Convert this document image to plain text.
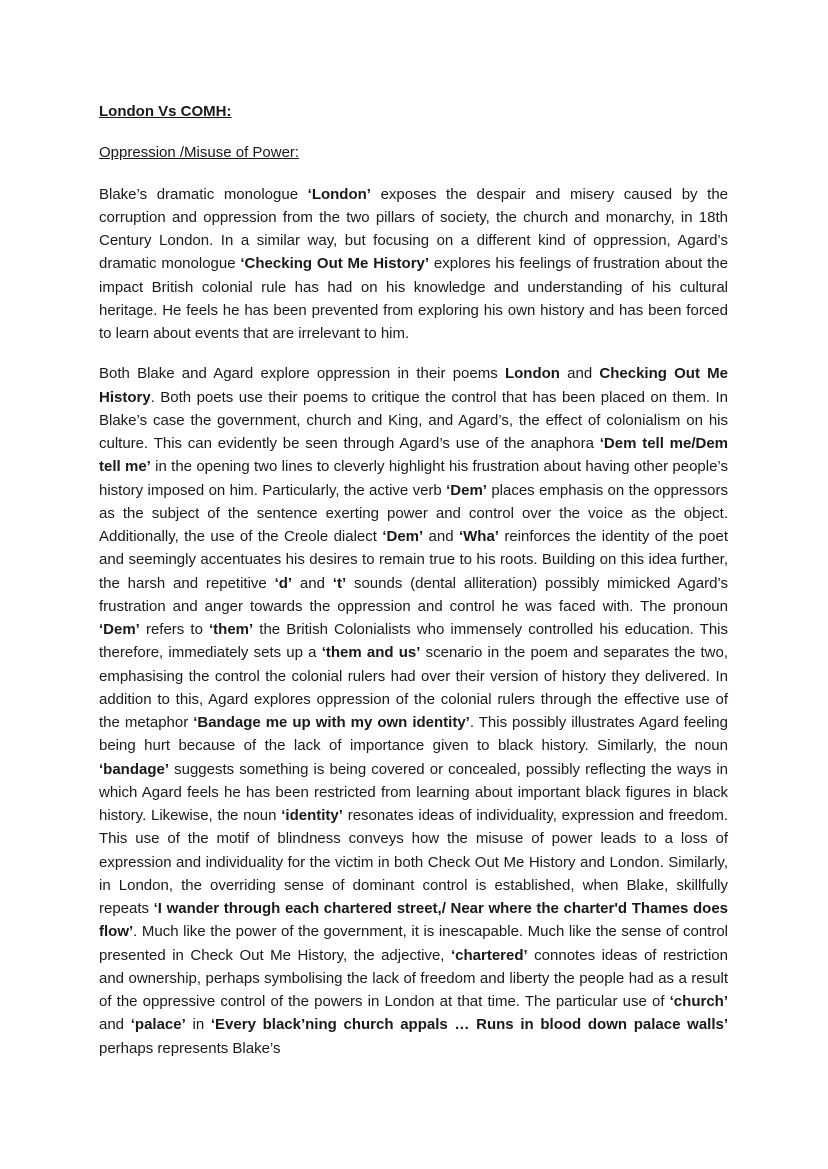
London Vs COMH:
Oppression /Misuse of Power:

Blake’s dramatic monologue ‘London’ exposes the despair and misery caused by the corruption and oppression from the two pillars of society, the church and monarchy, in 18th Century London. In a similar way, but focusing on a different kind of oppression, Agard’s dramatic monologue ‘Checking Out Me History’ explores his feelings of frustration about the impact British colonial rule has had on his knowledge and understanding of his cultural heritage. He feels he has been prevented from exploring his own history and has been forced to learn about events that are irrelevant to him.

Both Blake and Agard explore oppression in their poems London and Checking Out Me History. Both poets use their poems to critique the control that has been placed on them. In Blake’s case the government, church and King, and Agard’s, the effect of colonialism on his culture. This can evidently be seen through Agard’s use of the anaphora ‘Dem tell me/Dem tell me’ in the opening two lines to cleverly highlight his frustration about having other people’s history imposed on him. Particularly, the active verb ‘Dem’ places emphasis on the oppressors as the subject of the sentence exerting power and control over the voice as the object. Additionally, the use of the Creole dialect ‘Dem’ and ‘Wha’ reinforces the identity of the poet and seemingly accentuates his desires to remain true to his roots. Building on this idea further, the harsh and repetitive ‘d’ and ‘t’ sounds (dental alliteration) possibly mimicked Agard’s frustration and anger towards the oppression and control he was faced with. The pronoun ‘Dem’ refers to ‘them’ the British Colonialists who immensely controlled his education. This therefore, immediately sets up a ‘them and us’ scenario in the poem and separates the two, emphasising the control the colonial rulers had over their version of history they delivered. In addition to this, Agard explores oppression of the colonial rulers through the effective use of the metaphor ‘Bandage me up with my own identity’. This possibly illustrates Agard feeling being hurt because of the lack of importance given to black history. Similarly, the noun ‘bandage’ suggests something is being covered or concealed, possibly reflecting the ways in which Agard feels he has been restricted from learning about important black figures in black history. Likewise, the noun ‘identity’ resonates ideas of individuality, expression and freedom. This use of the motif of blindness conveys how the misuse of power leads to a loss of expression and individuality for the victim in both Check Out Me History and London. Similarly, in London, the overriding sense of dominant control is established, when Blake, skillfully repeats ‘I wander through each chartered street,/ Near where the charter'd Thames does flow’. Much like the power of the government, it is inescapable. Much like the sense of control presented in Check Out Me History, the adjective, ‘chartered’ connotes ideas of restriction and ownership, perhaps symbolising the lack of freedom and liberty the people had as a result of the oppressive control of the powers in London at that time. The particular use of ‘church’ and ‘palace’ in ‘Every black’ning church appals … Runs in blood down palace walls’ perhaps represents Blake’s
